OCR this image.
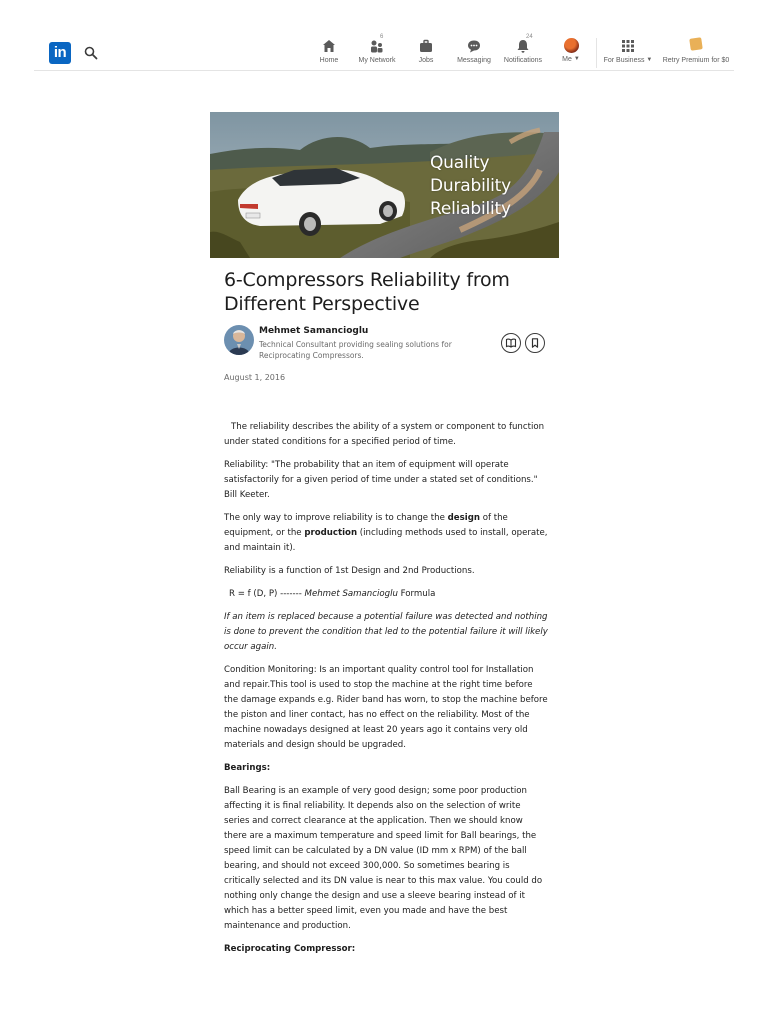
in	Home
6
My Network	Jobs	Messaging
24
Notifications	Me ▼	For Business ▼	Retry Premium for $0
Quality
Durability
Reliability
6-Compressors Reliability from Different Perspective
Mehmet Samancioglu
Technical Consultant providing sealing solutions for Reciprocating Compressors.
August 1, 2016

The reliability describes the ability of a system or component to function under stated conditions for a specified period of time.

Reliability: "The probability that an item of equipment will operate satisfactorily for a given period of time under a stated set of conditions." Bill Keeter.

The only way to improve reliability is to change the design of the equipment, or the production (including methods used to install, operate, and maintain it).

Reliability is a function of 1st Design and 2nd Productions.

R = f (D, P) ------- Mehmet Samancioglu Formula

If an item is replaced because a potential failure was detected and nothing is done to prevent the condition that led to the potential failure it will likely occur again.

Condition Monitoring: Is an important quality control tool for Installation and repair.This tool is used to stop the machine at the right time before the damage expands e.g. Rider band has worn, to stop the machine before the piston and liner contact, has no effect on the reliability. Most of the machine nowadays designed at least 20 years ago it contains very old materials and design should be upgraded.

Bearings:

Ball Bearing is an example of very good design; some poor production affecting it is final reliability. It depends also on the selection of write series and correct clearance at the application. Then we should know there are a maximum temperature and speed limit for Ball bearings, the speed limit can be calculated by a DN value (ID mm x RPM) of the ball bearing, and should not exceed 300,000. So sometimes bearing is critically selected and its DN value is near to this max value. You could do nothing only change the design and use a sleeve bearing instead of it which has a better speed limit, even you made and have the best maintenance and production.

Reciprocating Compressor:
